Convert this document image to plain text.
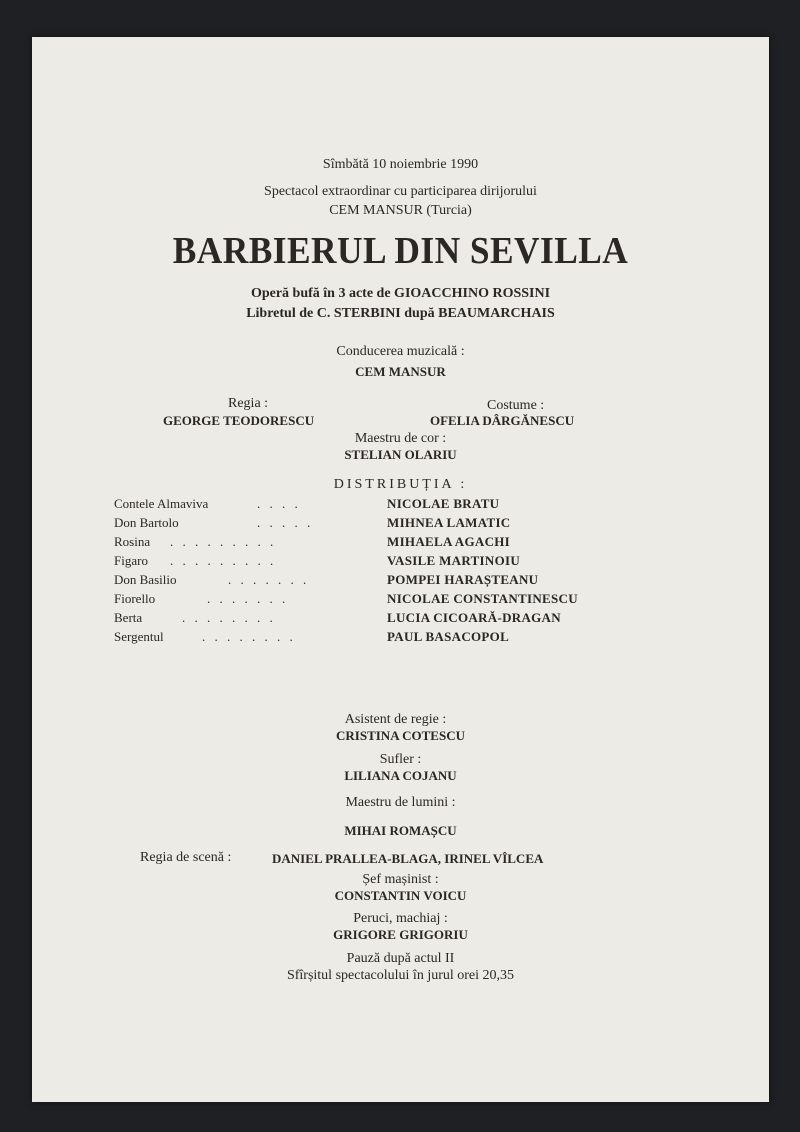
Sîmbătă 10 noiembrie 1990
Spectacol extraordinar cu participarea dirijorului
CEM MANSUR (Turcia)
BARBIERUL DIN SEVILLA
Operă bufă în 3 acte de GIOACCHINO ROSSINI
Libretul de C. STERBINI după BEAUMARCHAIS
Conducerea muzicală :
CEM MANSUR
Regia :
GEORGE TEODORESCU
Costume :
OFELIA DÂRGĂNESCU
Maestru de cor :
STELIAN OLARIU
DISTRIBUȚIA :
Contele Almaviva	. . . .	NICOLAE BRATU
Don Bartolo	. . . . .	MIHNEA LAMATIC
Rosina . . . . . . . . .	MIHAELA AGACHI
Figaro . . . . . . . . .	VASILE MARTINOIU
Don Basilio	. . . . . . .	POMPEI HARAȘTEANU
Fiorello	. . . . . . .	NICOLAE CONSTANTINESCU
Berta	. . . . . . . .	LUCIA CICOARĂ-DRAGAN
Sergentul	. . . . . . . .	PAUL BASACOPOL
Asistent de regie :
CRISTINA COTESCU
Sufler :
LILIANA COJANU
Maestru de lumini :
MIHAI ROMAȘCU
Regia de scenă :	DANIEL PRALLEA-BLAGA, IRINEL VÎLCEA
Șef mașinist :
CONSTANTIN VOICU
Peruci, machiaj :
GRIGORE GRIGORIU
Pauză după actul II
Sfîrșitul spectacolului în jurul orei 20,35
